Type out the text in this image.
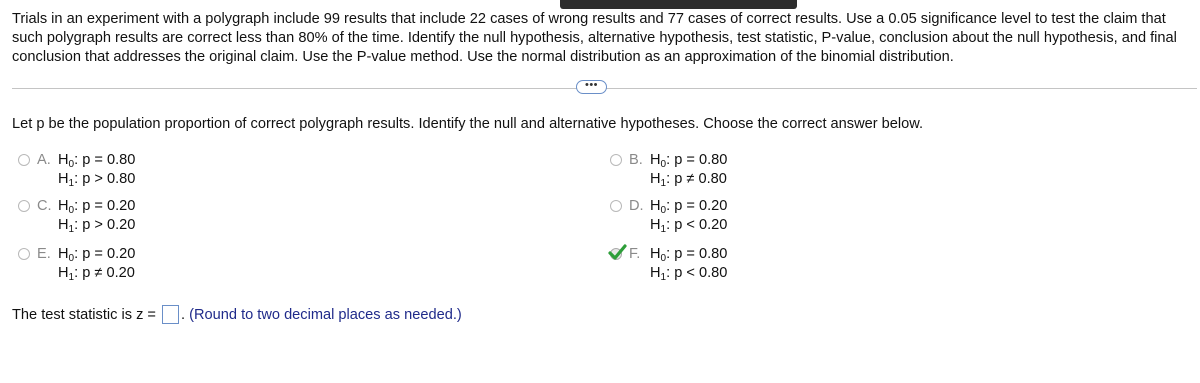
Trials in an experiment with a polygraph include 99 results that include 22 cases of wrong results and 77 cases of correct results. Use a 0.05 significance level to test the claim that such polygraph results are correct less than 80% of the time. Identify the null hypothesis, alternative hypothesis, test statistic, P-value, conclusion about the null hypothesis, and final conclusion that addresses the original claim. Use the P-value method. Use the normal distribution as an approximation of the binomial distribution.
•••
Let p be the population proportion of correct polygraph results. Identify the null and alternative hypotheses. Choose the correct answer below.
A. $H_0$: p = 0.80
$H_1$: p > 0.80
B. $H_0$: p = 0.80
$H_1$: p ≠ 0.80
C. $H_0$: p = 0.20
$H_1$: p > 0.20
D. $H_0$: p = 0.20
$H_1$: p < 0.20
E. $H_0$: p = 0.20
$H_1$: p ≠ 0.20
F. $H_0$: p = 0.80
$H_1$: p < 0.80
The test statistic is z = . (Round to two decimal places as needed.)
